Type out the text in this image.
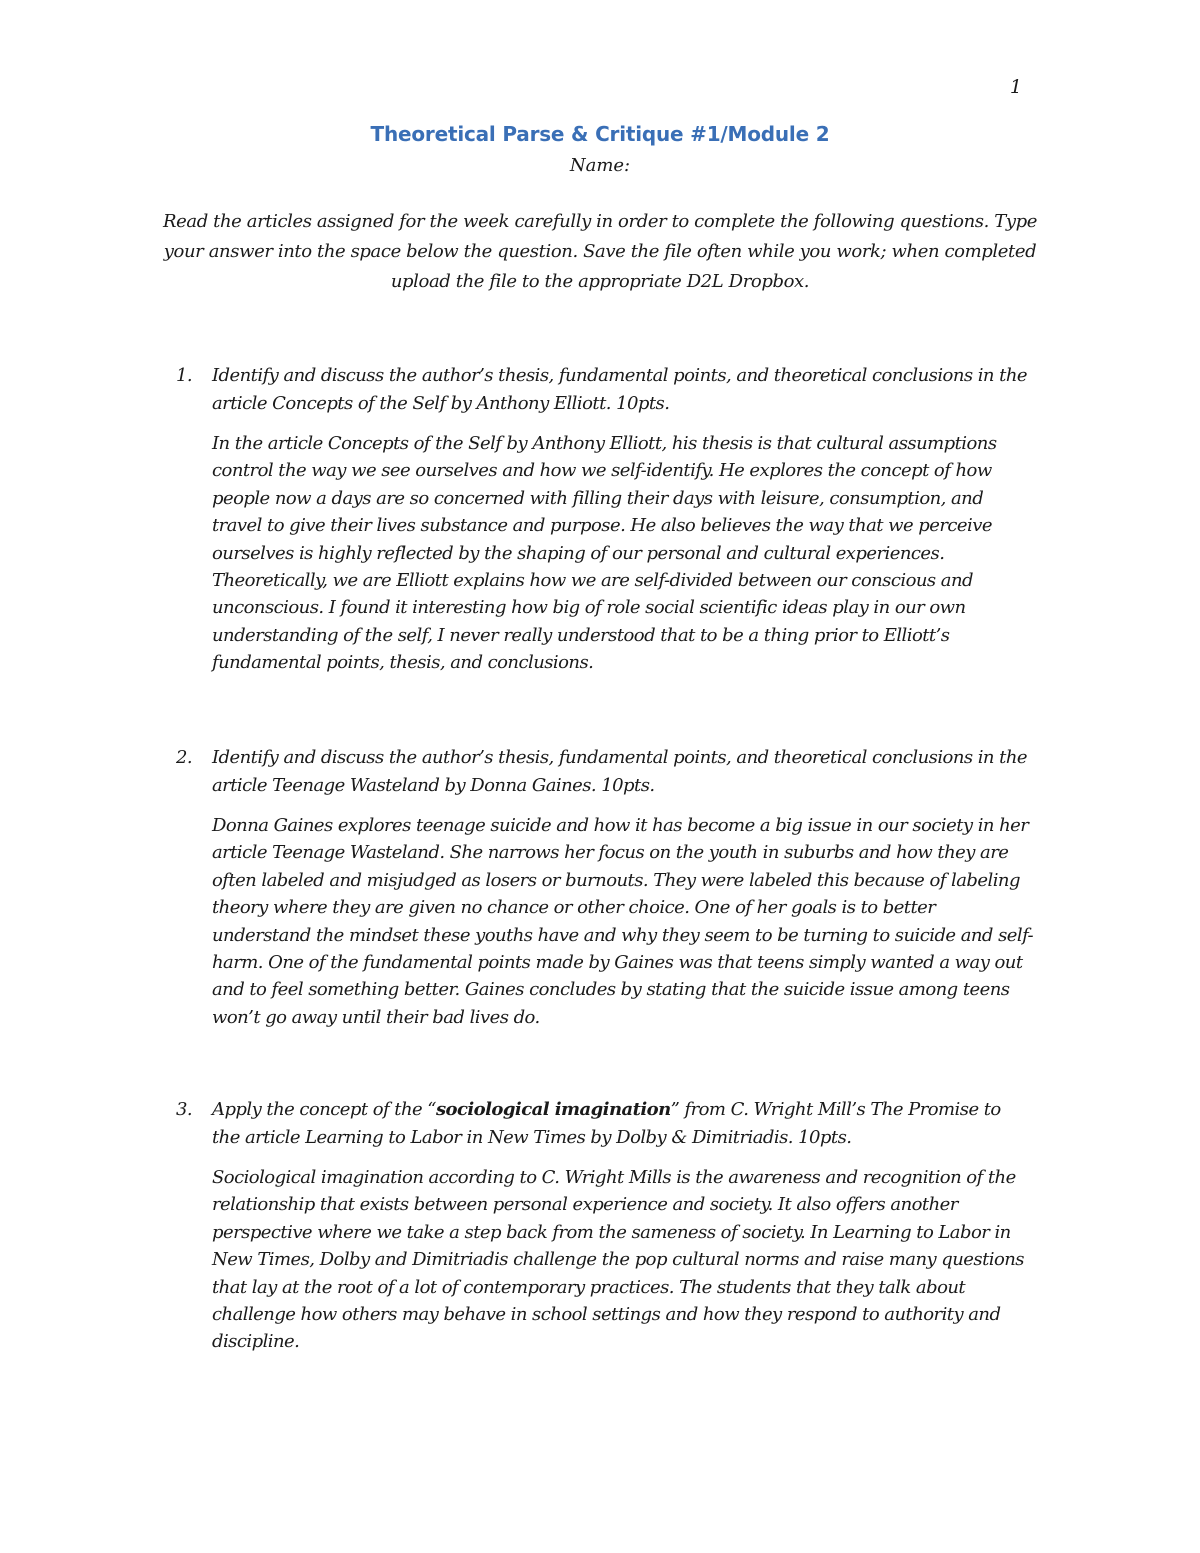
1
Theoretical Parse & Critique #1/Module 2
Name:
Read the articles assigned for the week carefully in order to complete the following questions. Type your answer into the space below the question. Save the file often while you work; when completed upload the file to the appropriate D2L Dropbox.
1. Identify and discuss the author’s thesis, fundamental points, and theoretical conclusions in the article Concepts of the Self by Anthony Elliott. 10pts.
In the article Concepts of the Self by Anthony Elliott, his thesis is that cultural assumptions control the way we see ourselves and how we self-identify. He explores the concept of how people now a days are so concerned with filling their days with leisure, consumption, and travel to give their lives substance and purpose. He also believes the way that we perceive ourselves is highly reflected by the shaping of our personal and cultural experiences. Theoretically, we are Elliott explains how we are self-divided between our conscious and unconscious. I found it interesting how big of role social scientific ideas play in our own understanding of the self, I never really understood that to be a thing prior to Elliott’s fundamental points, thesis, and conclusions.
2. Identify and discuss the author’s thesis, fundamental points, and theoretical conclusions in the article Teenage Wasteland by Donna Gaines. 10pts.
Donna Gaines explores teenage suicide and how it has become a big issue in our society in her article Teenage Wasteland. She narrows her focus on the youth in suburbs and how they are often labeled and misjudged as losers or burnouts. They were labeled this because of labeling theory where they are given no chance or other choice. One of her goals is to better understand the mindset these youths have and why they seem to be turning to suicide and self-harm. One of the fundamental points made by Gaines was that teens simply wanted a way out and to feel something better. Gaines concludes by stating that the suicide issue among teens won’t go away until their bad lives do.
3. Apply the concept of the “sociological imagination” from C. Wright Mill’s The Promise to the article Learning to Labor in New Times by Dolby & Dimitriadis. 10pts.
Sociological imagination according to C. Wright Mills is the awareness and recognition of the relationship that exists between personal experience and society. It also offers another perspective where we take a step back from the sameness of society. In Learning to Labor in New Times, Dolby and Dimitriadis challenge the pop cultural norms and raise many questions that lay at the root of a lot of contemporary practices. The students that they talk about challenge how others may behave in school settings and how they respond to authority and discipline.
